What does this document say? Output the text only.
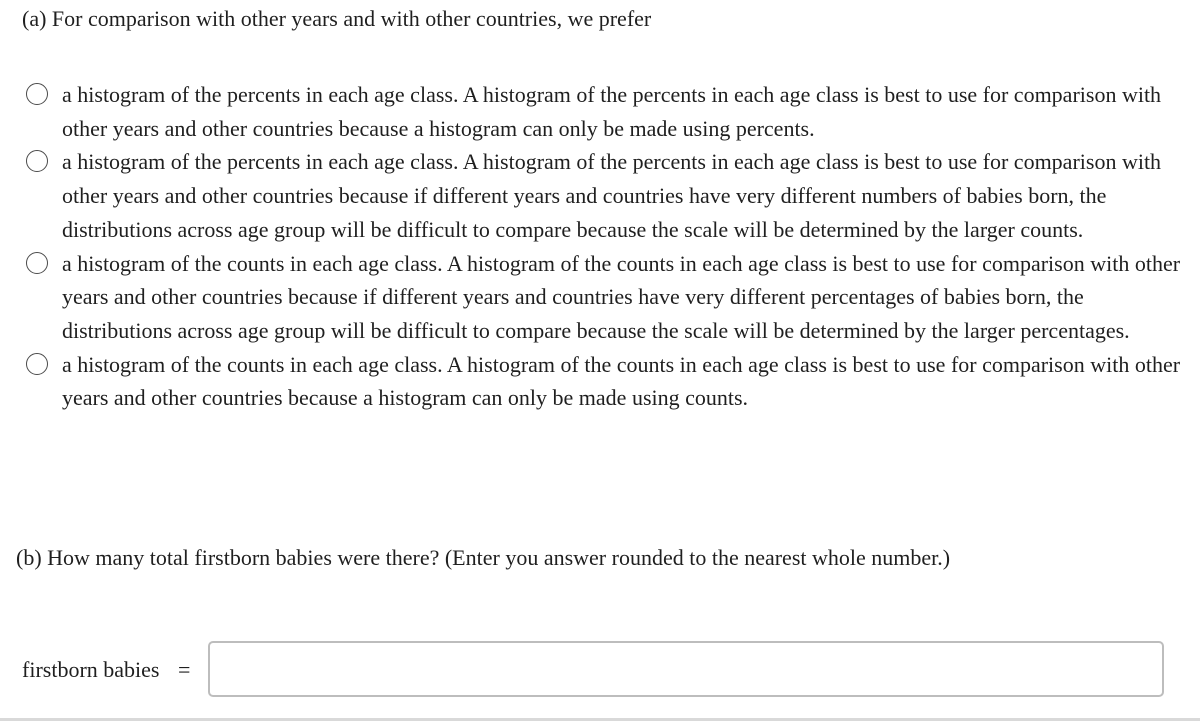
(a) For comparison with other years and with other countries, we prefer
a histogram of the percents in each age class. A histogram of the percents in each age class is best to use for comparison with other years and other countries because a histogram can only be made using percents.
a histogram of the percents in each age class. A histogram of the percents in each age class is best to use for comparison with other years and other countries because if different years and countries have very different numbers of babies born, the distributions across age group will be difficult to compare because the scale will be determined by the larger counts.
a histogram of the counts in each age class. A histogram of the counts in each age class is best to use for comparison with other years and other countries because if different years and countries have very different percentages of babies born, the distributions across age group will be difficult to compare because the scale will be determined by the larger percentages.
a histogram of the counts in each age class. A histogram of the counts in each age class is best to use for comparison with other years and other countries because a histogram can only be made using counts.
(b) How many total firstborn babies were there? (Enter you answer rounded to the nearest whole number.)
firstborn babies =
